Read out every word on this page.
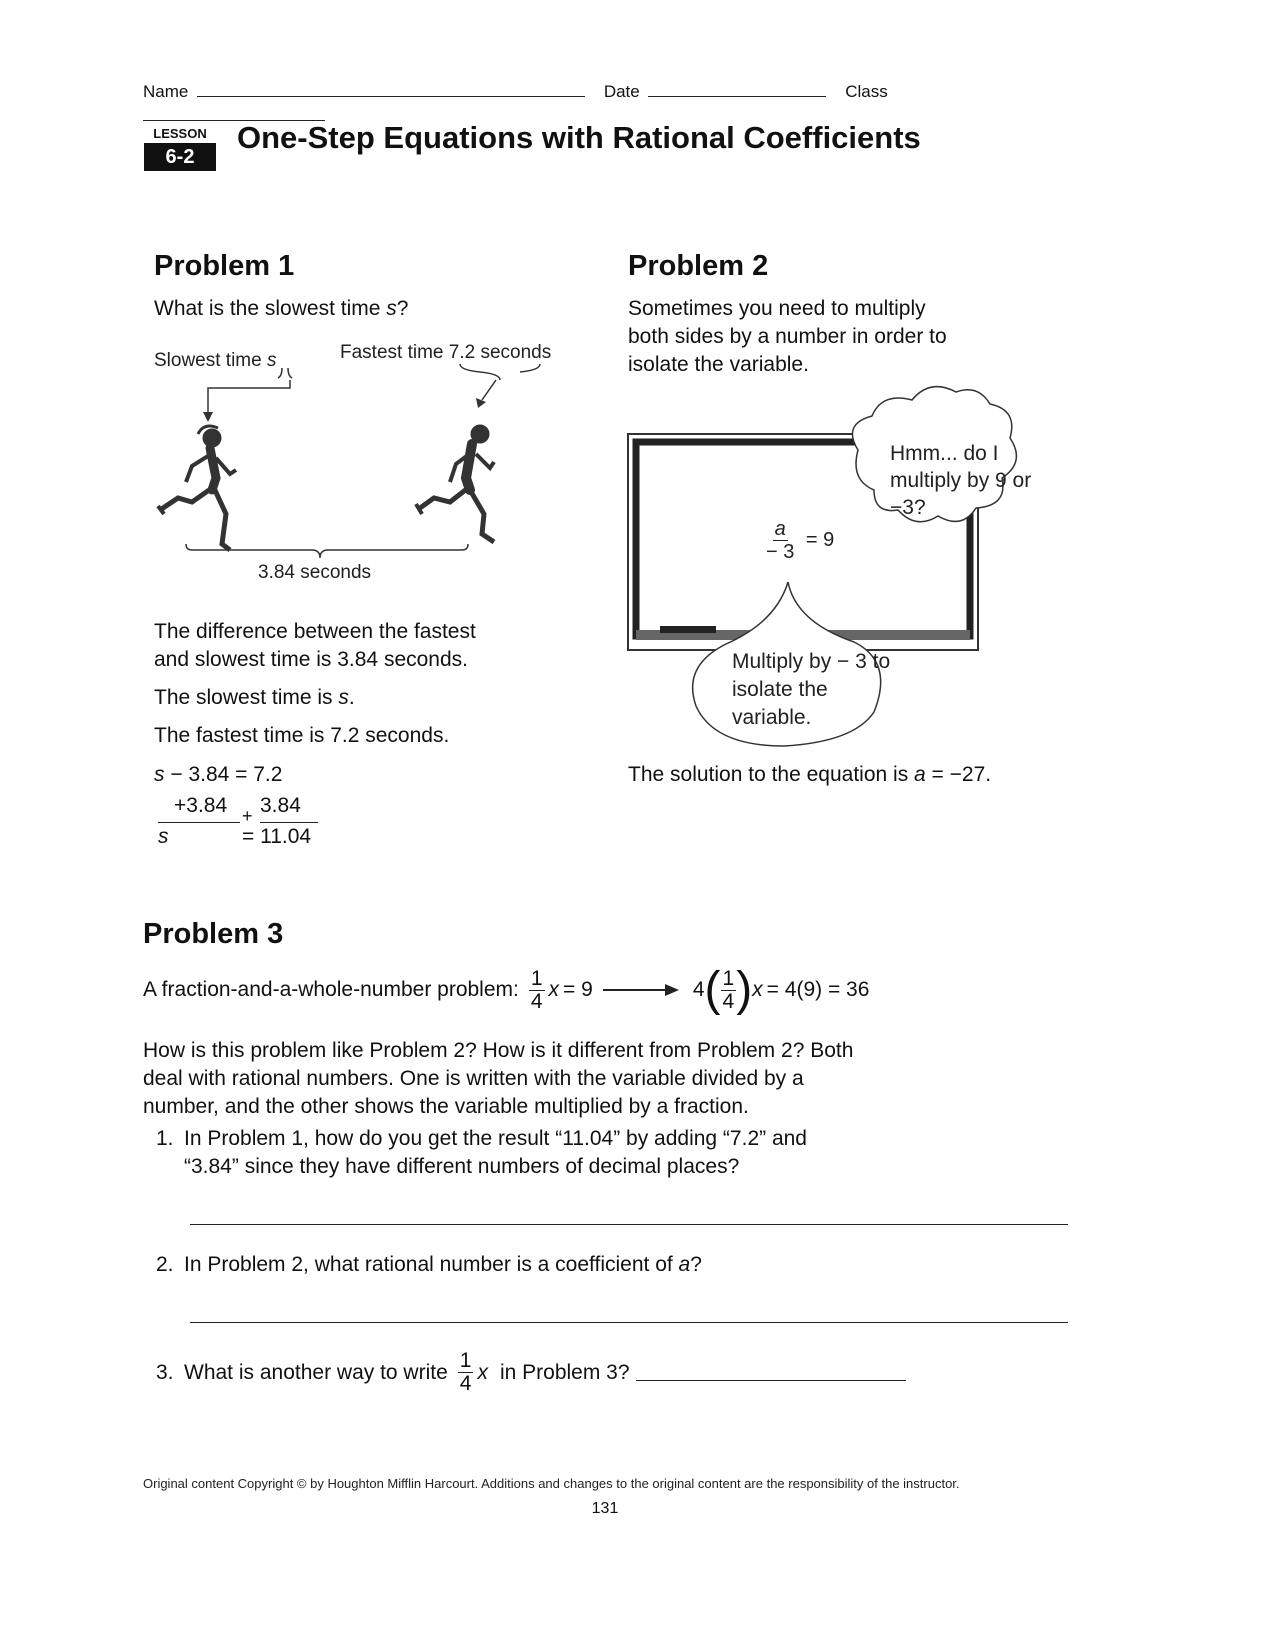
Name	Date	Class
LESSON
6-2
One-Step Equations with Rational Coefficients
Problem 1
What is the slowest time s?
Slowest time s	Fastest time 7.2 seconds
3.84 seconds
The difference between the fastest and slowest time is 3.84 seconds.
The slowest time is s.
The fastest time is 7.2 seconds.
s − 3.84 = 7.2
+3.84 + 3.84
s	= 11.04
Problem 2
Sometimes you need to multiply both sides by a number in order to isolate the variable.
Hmm... do I multiply by 9 or −3?
$\frac{a}{- 3} = 9$
Multiply by − 3 to isolate the variable.
The solution to the equation is a = −27.
Problem 3
A fraction-and-a-whole-number problem: $\frac{1}{4}$ x = 9	4 ( $\frac{1}{4}$ ) x = 4(9) = 36
How is this problem like Problem 2? How is it different from Problem 2? Both deal with rational numbers. One is written with the variable divided by a number, and the other shows the variable multiplied by a fraction.
1. In Problem 1, how do you get the result “11.04” by adding “7.2” and “3.84” since they have different numbers of decimal places?
2. In Problem 2, what rational number is a coefficient of a?
3. What is another way to write $\frac{1}{4}$ x in Problem 3?
Original content Copyright © by Houghton Mifflin Harcourt. Additions and changes to the original content are the responsibility of the instructor.
131
